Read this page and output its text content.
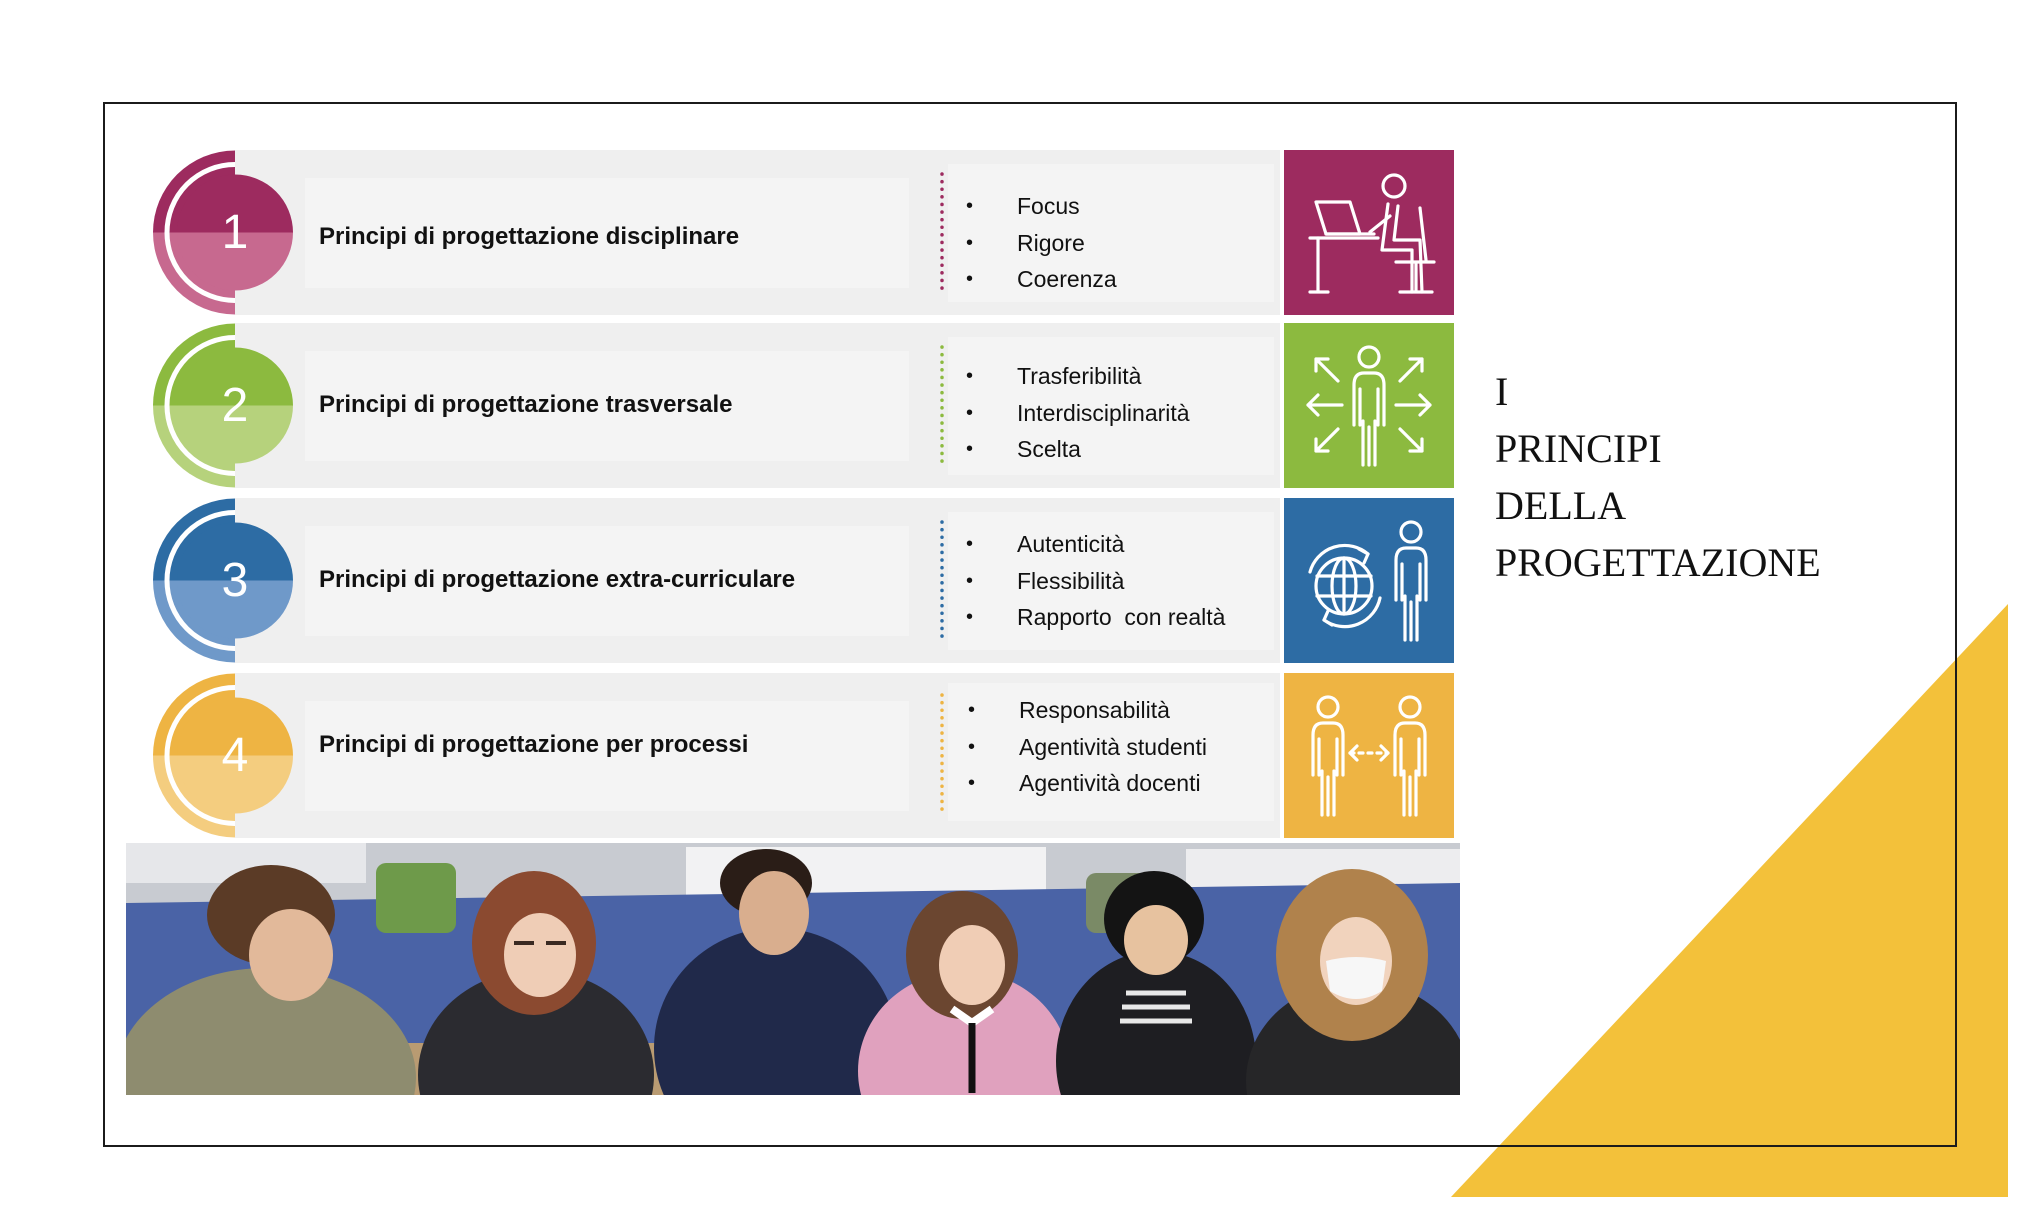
1	Principi di progettazione disciplinare
• Focus
• Rigore
• Coerenza
2	Principi di progettazione trasversale
• Trasferibilità
• Interdisciplinarità
• Scelta
3	Principi di progettazione extra-curriculare
• Autenticità
• Flessibilità
• Rapporto  con realtà
4	Principi di progettazione per processi
• Responsabilità
• Agentività studenti
• Agentività docenti
I
PRINCIPI
DELLA
PROGETTAZIONE
